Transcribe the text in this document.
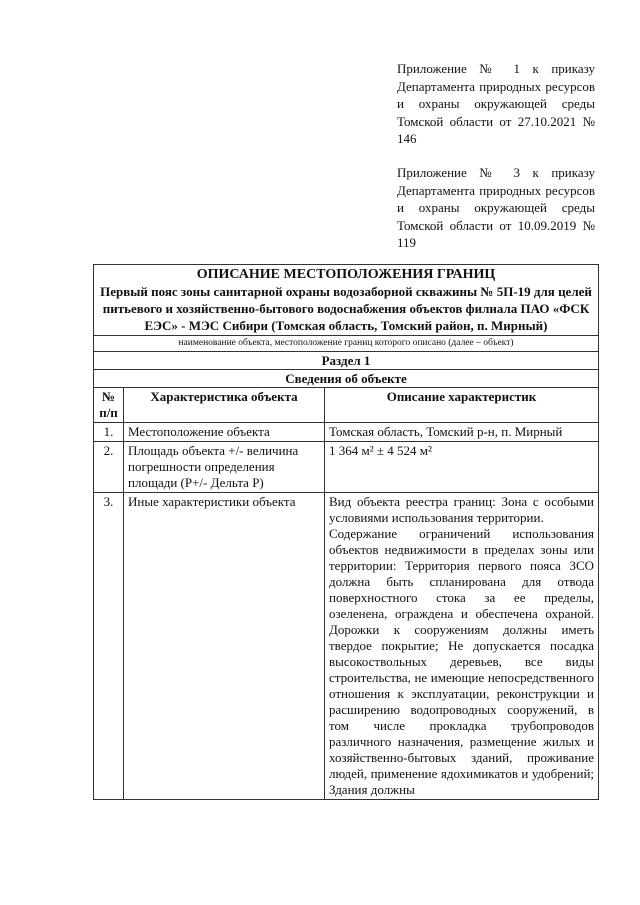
Приложение № 1 к приказу Департамента природных ресурсов и охраны окружающей среды Томской области от 27.10.2021 № 146
Приложение № 3 к приказу Департамента природных ресурсов и охраны окружающей среды Томской области от 10.09.2019 № 119
ОПИСАНИЕ МЕСТОПОЛОЖЕНИЯ ГРАНИЦ
Первый пояс зоны санитарной охраны водозаборной скважины № 5П-19 для целей питьевого и хозяйственно-бытового водоснабжения объектов филиала ПАО «ФСК ЕЭС» - МЭС Сибири (Томская область, Томский район, п. Мирный)		

наименование объекта, местоположение границ которого описано (далее – объект)		
Раздел 1		
Сведения об объекте		
№
п/п	Характеристика объекта	Описание характеристик
1.	Местоположение объекта	Томская область, Томский р-н, п. Мирный
2.	Площадь объекта +/- величина погрешности определения площади (Р+/- Дельта Р)	1 364 м² ± 4 524 м²
3.	Иные характеристики объекта	Вид объекта реестра границ: Зона с особыми условиями использования территории.
Содержание ограничений использования объектов недвижимости в пределах зоны или территории: Территория первого пояса ЗСО должна быть спланирована для отвода поверхностного стока за ее пределы, озеленена, ограждена и обеспечена охраной. Дорожки к сооружениям должны иметь твердое покрытие; Не допускается посадка высокоствольных деревьев, все виды строительства, не имеющие непосредственного отношения к эксплуатации, реконструкции и расширению водопроводных сооружений, в том числе прокладка трубопроводов различного назначения, размещение жилых и хозяйственно-бытовых зданий, проживание людей, применение ядохимикатов и удобрений; Здания должны
